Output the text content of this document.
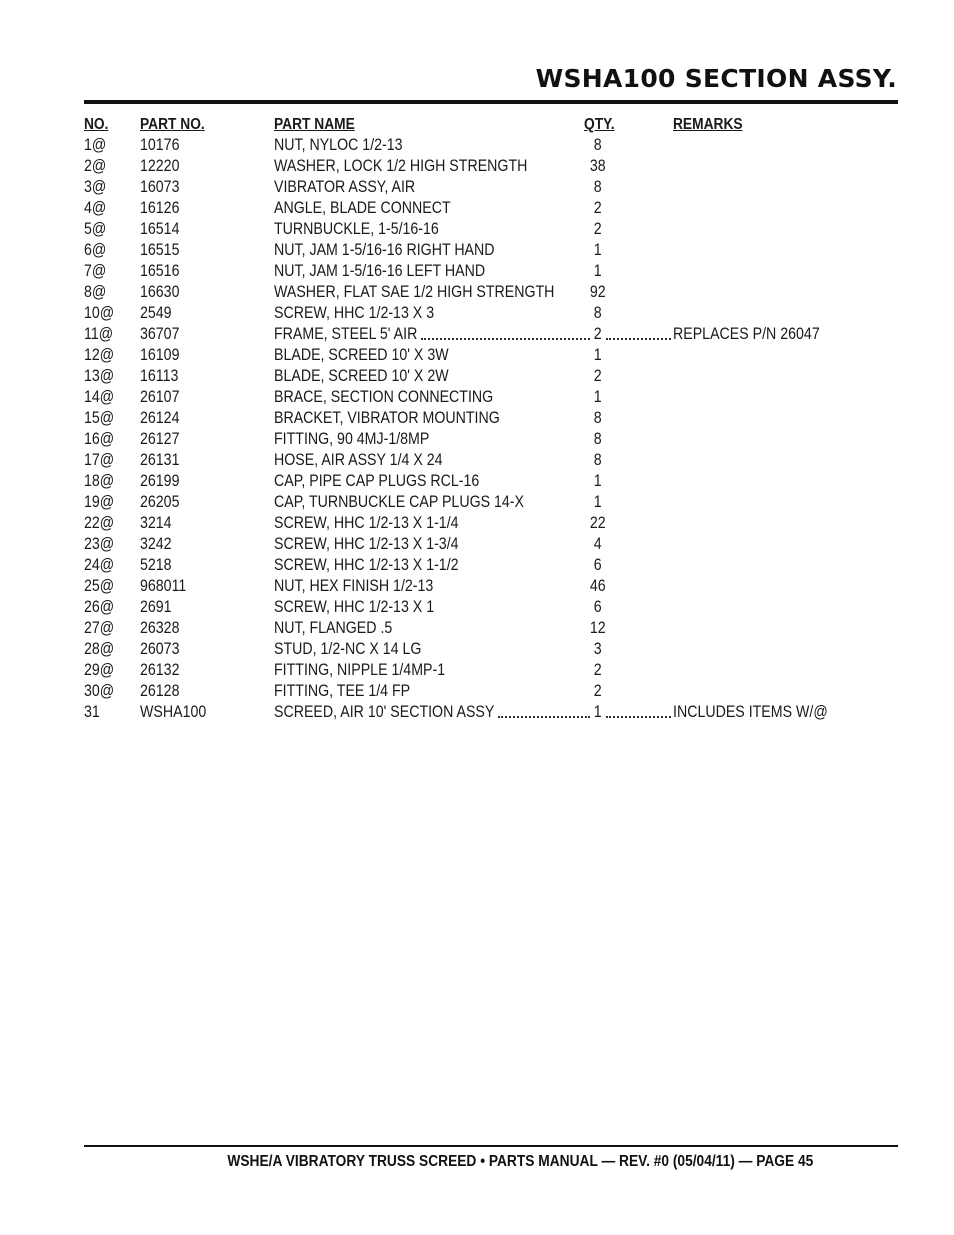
WSHA100 SECTION ASSY.
NO. PART NO.	PART NAME	QTY.	REMARKS
1@ 10176	NUT, NYLOC 1/2-13	8
2@ 12220	WASHER, LOCK 1/2 HIGH STRENGTH	38
3@ 16073	VIBRATOR ASSY, AIR	8
4@ 16126	ANGLE, BLADE CONNECT	2
5@ 16514	TURNBUCKLE, 1-5/16-16	2
6@ 16515	NUT, JAM 1-5/16-16 RIGHT HAND	1
7@ 16516	NUT, JAM 1-5/16-16 LEFT HAND	1
8@ 16630	WASHER, FLAT SAE 1/2 HIGH STRENGTH	92
10@ 2549	SCREW, HHC 1/2-13 X 3	8
11@ 36707	FRAME, STEEL 5' AIR	2	REPLACES P/N 26047
12@ 16109	BLADE, SCREED 10' X 3W	1
13@ 16113	BLADE, SCREED 10' X 2W	2
14@ 26107	BRACE, SECTION CONNECTING	1
15@ 26124	BRACKET, VIBRATOR MOUNTING	8
16@ 26127	FITTING, 90 4MJ-1/8MP	8
17@ 26131	HOSE, AIR ASSY 1/4 X 24	8
18@ 26199	CAP, PIPE CAP PLUGS RCL-16	1
19@ 26205	CAP, TURNBUCKLE CAP PLUGS 14-X	1
22@ 3214	SCREW, HHC 1/2-13 X 1-1/4	22
23@ 3242	SCREW, HHC 1/2-13 X 1-3/4	4
24@ 5218	SCREW, HHC 1/2-13 X 1-1/2	6
25@ 968011	NUT, HEX FINISH 1/2-13	46
26@ 2691	SCREW, HHC 1/2-13 X 1	6
27@ 26328	NUT, FLANGED .5	12
28@ 26073	STUD, 1/2-NC X 14 LG	3
29@ 26132	FITTING, NIPPLE 1/4MP-1	2
30@ 26128	FITTING, TEE 1/4 FP	2
31 WSHA100	SCREED, AIR 10' SECTION ASSY	1	INCLUDES ITEMS W/@
WSHE/A VIBRATORY TRUSS SCREED • PARTS MANUAL — REV. #0 (05/04/11) — PAGE 45
